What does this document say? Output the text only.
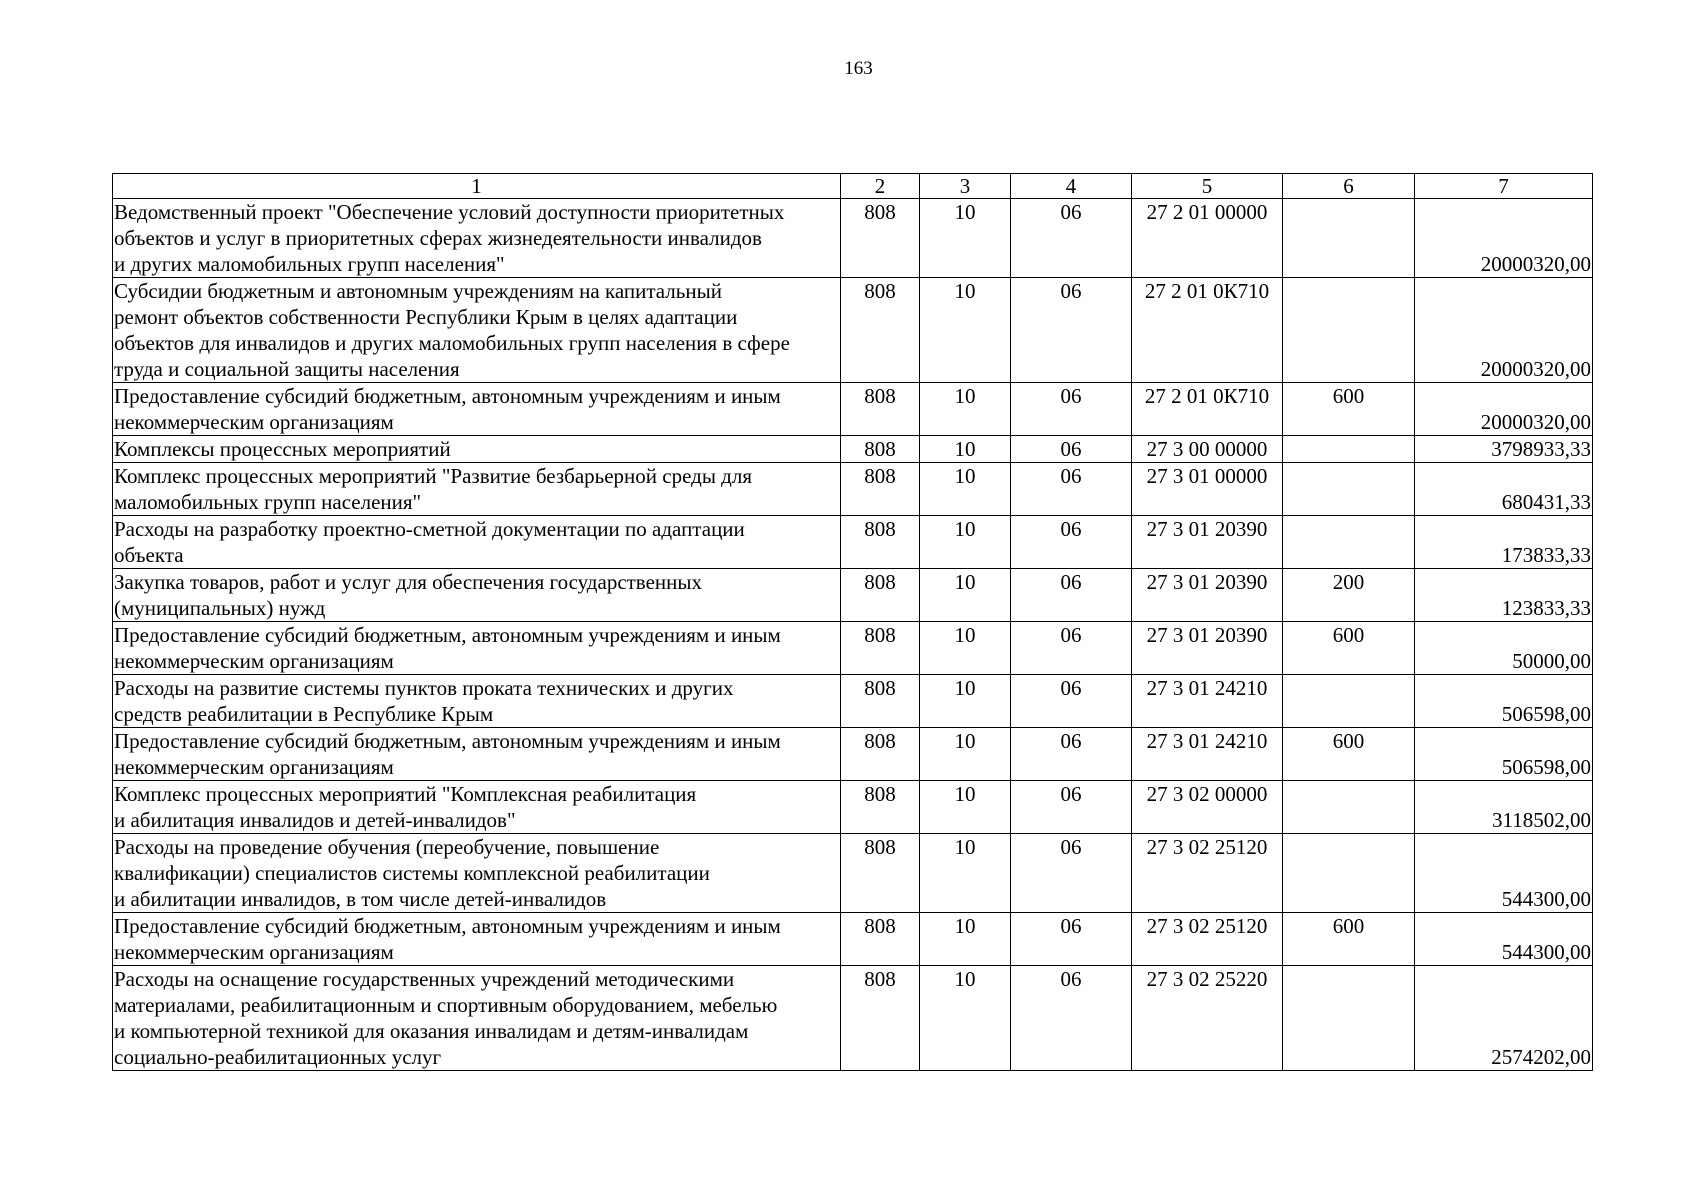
163
1	2	3	4	5	6	7
Ведомственный проект "Обеспечение условий доступности приоритетных
объектов и услуг в приоритетных сферах жизнедеятельности инвалидов
и других маломобильных групп населения"	808	10	06	27 2 01 00000		20000320,00
Субсидии бюджетным и автономным учреждениям на капитальный
ремонт объектов собственности Республики Крым в целях адаптации
объектов для инвалидов и других маломобильных групп населения в сфере
труда и социальной защиты населения	808	10	06	27 2 01 0К710		20000320,00
Предоставление субсидий бюджетным, автономным учреждениям и иным
некоммерческим организациям	808	10	06	27 2 01 0К710	600	20000320,00
Комплексы процессных мероприятий	808	10	06	27 3 00 00000		3798933,33
Комплекс процессных мероприятий "Развитие безбарьерной среды для
маломобильных групп населения"	808	10	06	27 3 01 00000		680431,33
Расходы на разработку проектно-сметной документации по адаптации
объекта	808	10	06	27 3 01 20390		173833,33
Закупка товаров, работ и услуг для обеспечения государственных
(муниципальных) нужд	808	10	06	27 3 01 20390	200	123833,33
Предоставление субсидий бюджетным, автономным учреждениям и иным
некоммерческим организациям	808	10	06	27 3 01 20390	600	50000,00
Расходы на развитие системы пунктов проката технических и других
средств реабилитации в Республике Крым	808	10	06	27 3 01 24210		506598,00
Предоставление субсидий бюджетным, автономным учреждениям и иным
некоммерческим организациям	808	10	06	27 3 01 24210	600	506598,00
Комплекс процессных мероприятий "Комплексная реабилитация
и абилитация инвалидов и детей-инвалидов"	808	10	06	27 3 02 00000		3118502,00
Расходы на проведение обучения (переобучение, повышение
квалификации) специалистов системы комплексной реабилитации
и абилитации инвалидов, в том числе детей-инвалидов	808	10	06	27 3 02 25120		544300,00
Предоставление субсидий бюджетным, автономным учреждениям и иным
некоммерческим организациям	808	10	06	27 3 02 25120	600	544300,00
Расходы на оснащение государственных учреждений методическими
материалами, реабилитационным и спортивным оборудованием, мебелью
и компьютерной техникой для оказания инвалидам и детям-инвалидам
социально-реабилитационных услуг	808	10	06	27 3 02 25220		2574202,00
